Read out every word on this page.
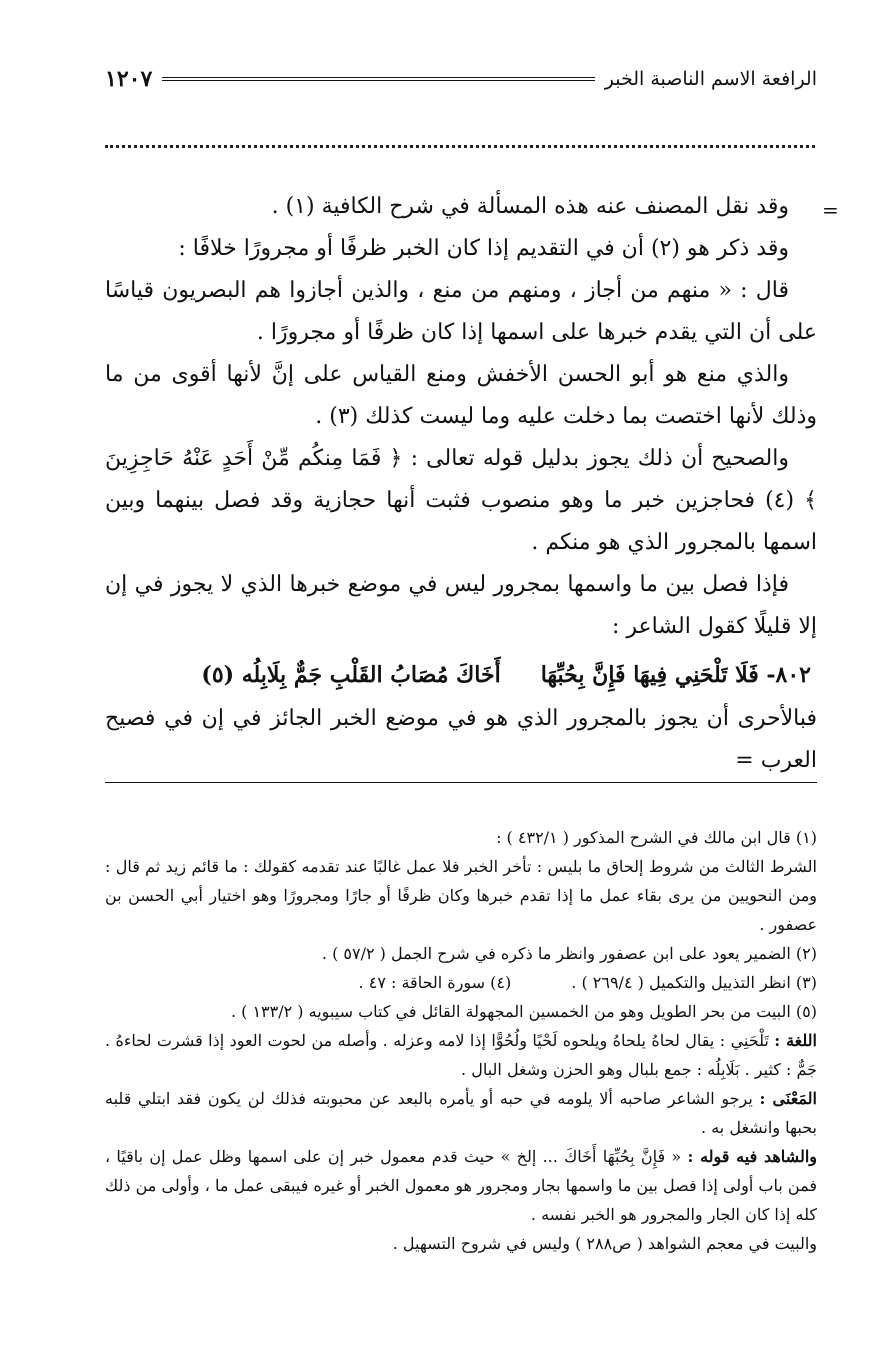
الرافعة الاسم الناصبة الخبر
١٢٠٧
=

وقد نقل المصنف عنه هذه المسألة في شرح الكافية (١) .

وقد ذكر هو (٢) أن في التقديم إذا كان الخبر ظرفًا أو مجرورًا خلافًا :

قال : « منهم من أجاز ، ومنهم من منع ، والذين أجازوا هم البصريون قياسًا على أن التي يقدم خبرها على اسمها إذا كان ظرفًا أو مجرورًا .

والذي منع هو أبو الحسن الأخفش ومنع القياس على إنَّ لأنها أقوى من ما وذلك لأنها اختصت بما دخلت عليه وما ليست كذلك (٣) .

والصحيح أن ذلك يجوز بدليل قوله تعالى : ﴿ فَمَا مِنكُم مِّنْ أَحَدٍ عَنْهُ حَاجِزِينَ ﴾ (٤) فحاجزين خبر ما وهو منصوب فثبت أنها حجازية وقد فصل بينهما وبين اسمها بالمجرور الذي هو منكم .

فإذا فصل بين ما واسمها بمجرور ليس في موضع خبرها الذي لا يجوز في إن إلا قليلًا كقول الشاعر :

٨٠٢- فَلَا تَلْحَنِي فِيهَا فَإِنَّ بِحُبِّهَا
أَخَاكَ مُصَابُ القَلْبِ جَمٌّ بِلَابِلُه (٥)

فبالأحرى أن يجوز بالمجرور الذي هو في موضع الخبر الجائز في إن في فصيح العرب =

(١) قال ابن مالك في الشرح المذكور ( ٤٣٢/١ ) :

الشرط الثالث من شروط إلحاق ما بليس : تأخر الخبر فلا عمل غالبًا عند تقدمه كقولك : ما قائم زيد ثم قال : ومن النحويين من يرى بقاء عمل ما إذا تقدم خبرها وكان ظرفًا أو جارًا ومجرورًا وهو اختيار أبي الحسن بن عصفور .

(٢) الضمير يعود على ابن عصفور وانظر ما ذكره في شرح الجمل ( ٥٧/٢ ) .

(٣) انظر التذييل والتكميل ( ٢٦٩/٤ ) .
(٤) سورة الحاقة : ٤٧ .

(٥) البيت من بحر الطويل وهو من الخمسين المجهولة القائل في كتاب سيبويه ( ١٣٣/٢ ) .

اللغة : تَلْحَنِي : يقال لحاهُ يلحاهُ ويلحوه لَحْيًا ولُحُوًّا إذا لامه وعزله . وأصله من لحوت العود إذا قشرت لحاءهُ . جَمٌّ : كثير . بَلَابِلُه : جمع بلبال وهو الحزن وشغل البال .

المَعْنَى : يرجو الشاعر صاحبه ألا يلومه في حبه أو يأمره بالبعد عن محبوبته فذلك لن يكون فقد ابتلي قلبه بحبها وانشغل به .

والشاهد فيه قوله : « فَإِنَّ بِحُبِّهَا أَخَاكَ ... إلخ » حيث قدم معمول خبر إن على اسمها وظل عمل إن باقيًا ، فمن باب أولى إذا فصل بين ما واسمها بجار ومجرور هو معمول الخبر أو غيره فيبقى عمل ما ، وأولى من ذلك كله إذا كان الجار والمجرور هو الخبر نفسه .

والبيت في معجم الشواهد ( ص٢٨٨ ) وليس في شروح التسهيل .
